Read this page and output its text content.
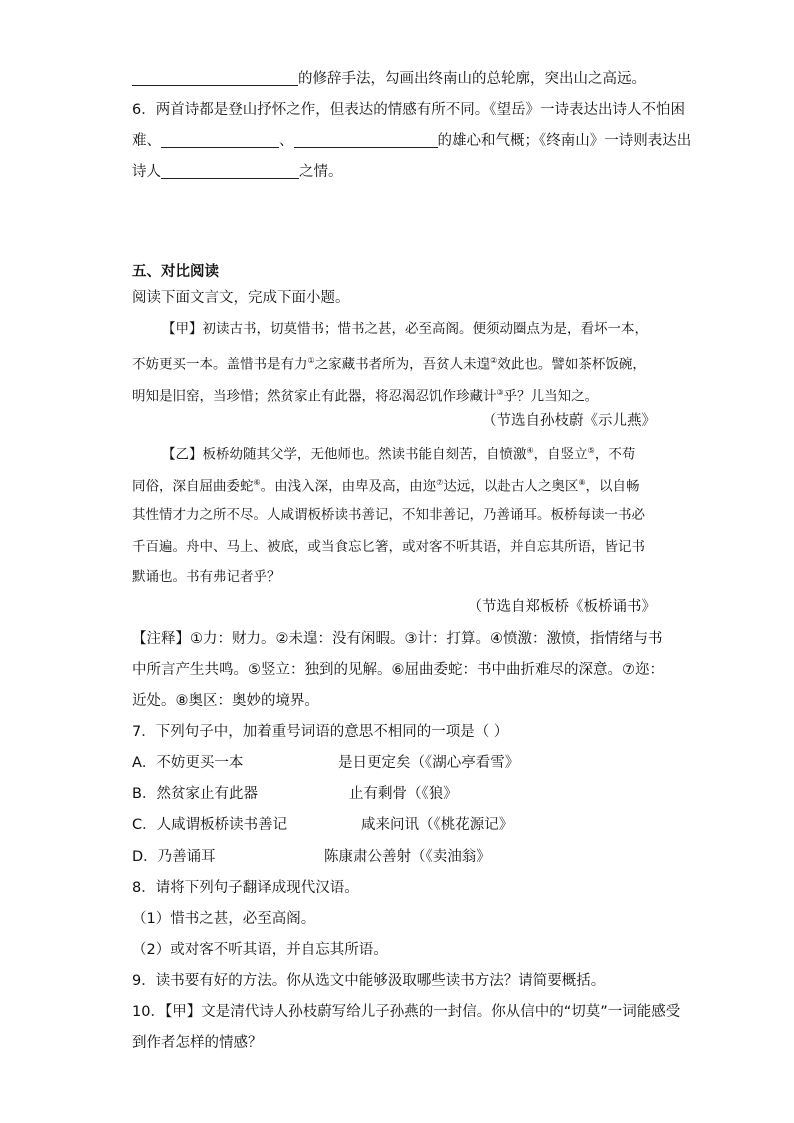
的修辞手法，勾画出终南山的总轮廓，突出山之高远。
6．两首诗都是登山抒怀之作，但表达的情感有所不同。《望岳》一诗表达出诗人不怕困
难、	、	的雄心和气概；《终南山》一诗则表达出
诗人	之情。
五、对比阅读
阅读下面文言文，完成下面小题。
【甲】初读古书，切莫惜书；惜书之甚，必至高阁。便须动圈点为是，看坏一本，
不妨更买一本。盖惜书是有力①之家藏书者所为，吾贫人未遑②效此也。譬如茶杯饭碗，
明知是旧窑，当珍惜；然贫家止有此器，将忍渴忍饥作珍藏计③乎？儿当知之。
（节选自孙枝蔚《示儿燕》
【乙】板桥幼随其父学，无他师也。然读书能自刻苦，自愤激④，自竖立⑤，不苟
同俗，深自屈曲委蛇⑥。由浅入深，由卑及高，由迩⑦达远，以赴古人之奥区⑧，以自畅
其性情才力之所不尽。人咸谓板桥读书善记，不知非善记，乃善诵耳。板桥每读一书必
千百遍。舟中、马上、被底，或当食忘匕箸，或对客不听其语，并自忘其所语，皆记书
默诵也。书有弗记者乎？
（节选自郑板桥《板桥诵书》
【注释】①力：财力。②未遑：没有闲暇。③计：打算。④愤激：激愤，指情绪与书
中所言产生共鸣。⑤竖立：独到的见解。⑥屈曲委蛇：书中曲折难尽的深意。⑦迩：
近处。⑧奥区：奥妙的境界。
7．下列句子中，加着重号词语的意思不相同的一项是（ ）
A．不妨更买一本	是日更定矣（《湖心亭看雪》
B．然贫家止有此器	止有剩骨（《狼》
C．人咸谓板桥读书善记	咸来问讯（《桃花源记》
D．乃善诵耳	陈康肃公善射（《卖油翁》
8．请将下列句子翻译成现代汉语。
（1）惜书之甚，必至高阁。
（2）或对客不听其语，并自忘其所语。
9．读书要有好的方法。你从选文中能够汲取哪些读书方法？请简要概括。
10．【甲】文是清代诗人孙枝蔚写给儿子孙燕的一封信。你从信中的“切莫”一词能感受
到作者怎样的情感？
